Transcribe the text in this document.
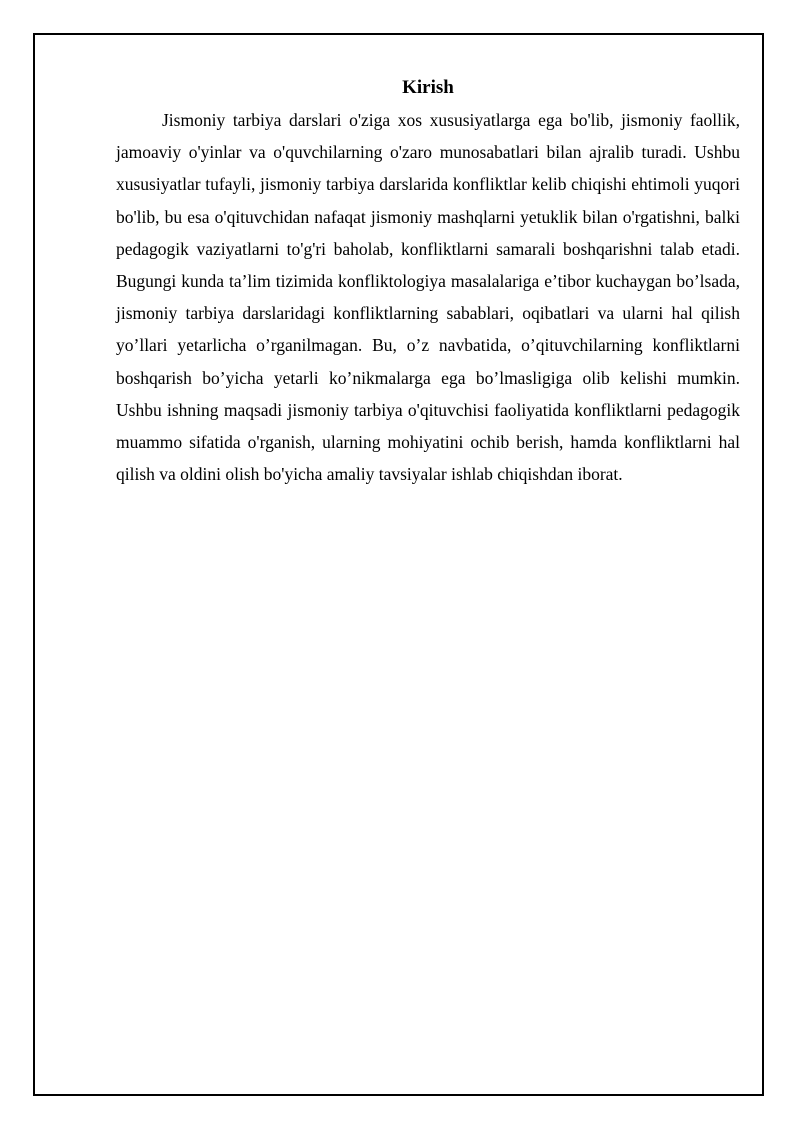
Kirish

Jismoniy tarbiya darslari o'ziga xos xususiyatlarga ega bo'lib, jismoniy faollik, jamoaviy o'yinlar va o'quvchilarning o'zaro munosabatlari bilan ajralib turadi. Ushbu xususiyatlar tufayli, jismoniy tarbiya darslarida konfliktlar kelib chiqishi ehtimoli yuqori bo'lib, bu esa o'qituvchidan nafaqat jismoniy mashqlarni yetuklik bilan o'rgatishni, balki pedagogik vaziyatlarni to'g'ri baholab, konfliktlarni samarali boshqarishni talab etadi. Bugungi kunda ta’lim tizimida konfliktologiya masalalariga e’tibor kuchaygan bo’lsada, jismoniy tarbiya darslaridagi konfliktlarning sabablari, oqibatlari va ularni hal qilish yo’llari yetarlicha o’rganilmagan. Bu, o’z navbatida, o’qituvchilarning konfliktlarni boshqarish bo’yicha yetarli ko’nikmalarga ega bo’lmasligiga olib kelishi mumkin. Ushbu ishning maqsadi jismoniy tarbiya o'qituvchisi faoliyatida konfliktlarni pedagogik muammo sifatida o'rganish, ularning mohiyatini ochib berish, hamda konfliktlarni hal qilish va oldini olish bo'yicha amaliy tavsiyalar ishlab chiqishdan iborat.
